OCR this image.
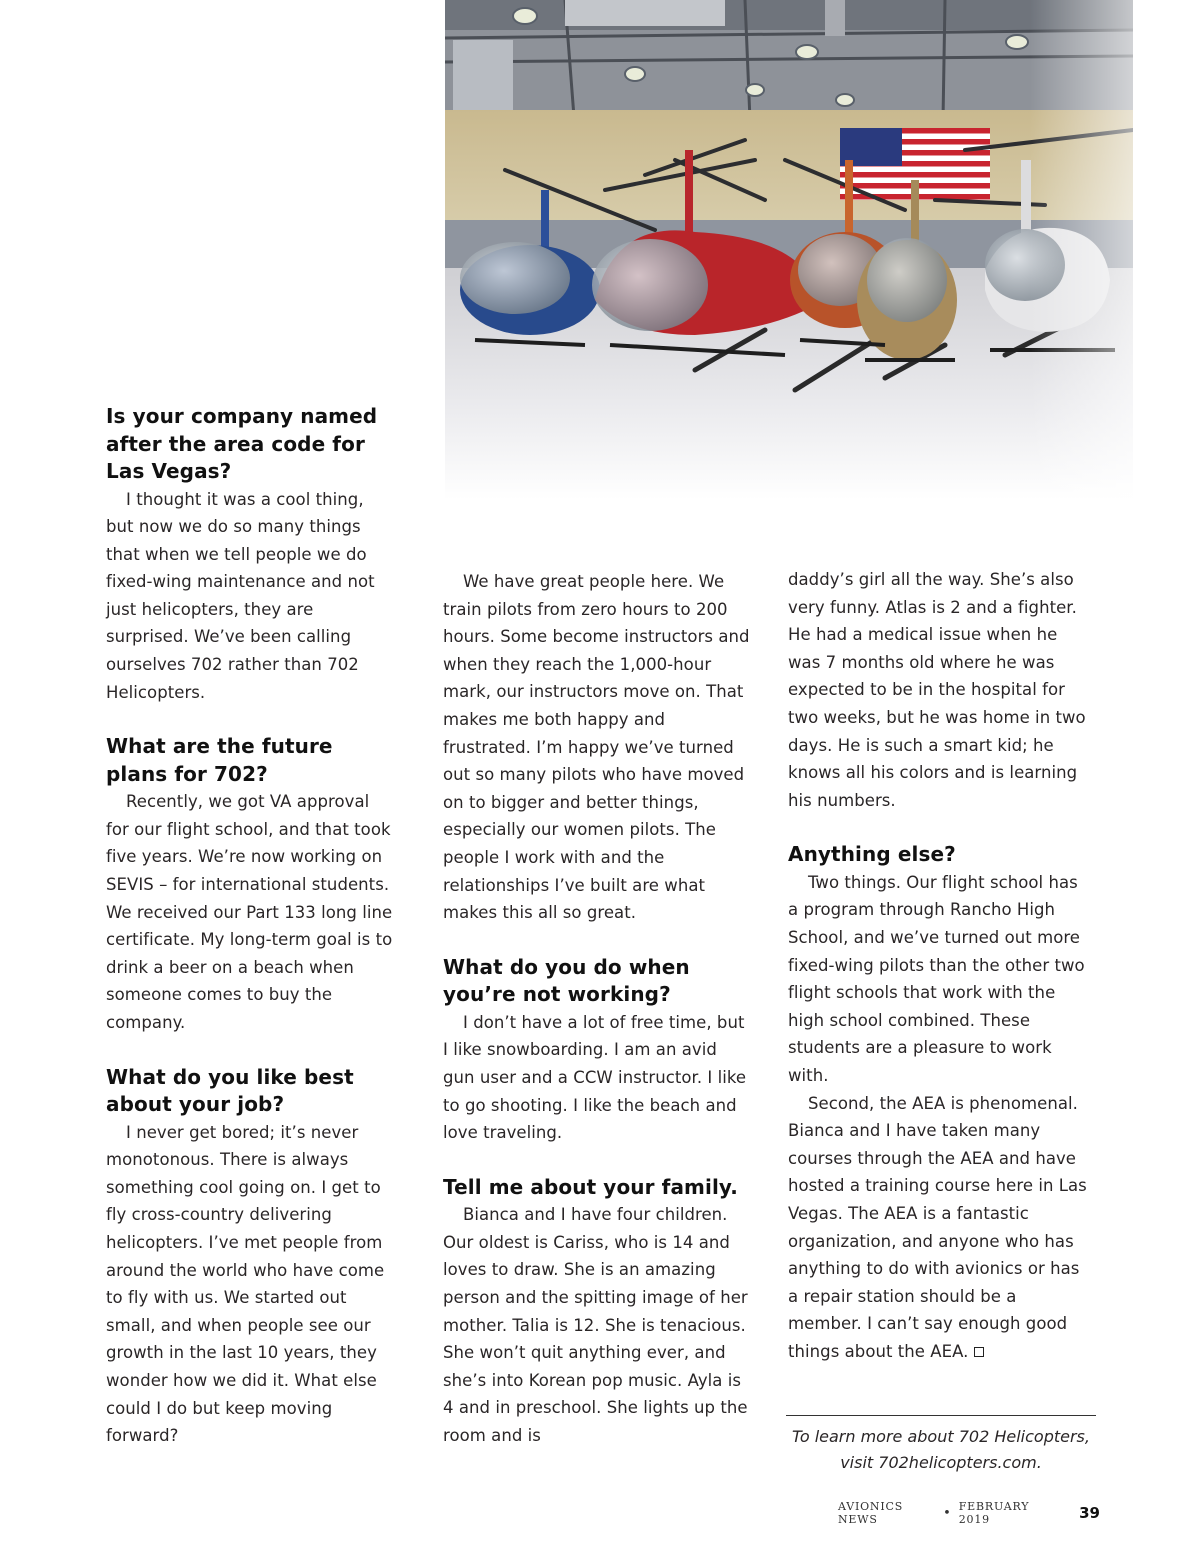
Is your company named after the area code for Las Vegas?

I thought it was a cool thing, but now we do so many things that when we tell people we do fixed-wing maintenance and not just helicopters, they are surprised. We’ve been calling ourselves 702 rather than 702 Helicopters.

What are the future plans for 702?

Recently, we got VA approval for our flight school, and that took five years. We’re now working on SEVIS – for international students. We received our Part 133 long line certificate. My long-term goal is to drink a beer on a beach when someone comes to buy the company.

What do you like best about your job?

I never get bored; it’s never monotonous. There is always something cool going on. I get to fly cross-country delivering helicopters. I’ve met people from around the world who have come to fly with us. We started out small, and when people see our growth in the last 10 years, they wonder how we did it. What else could I do but keep moving forward?

We have great people here. We train pilots from zero hours to 200 hours. Some become instructors and when they reach the 1,000-hour mark, our instructors move on. That makes me both happy and frustrated. I’m happy we’ve turned out so many pilots who have moved on to bigger and better things, especially our women pilots. The people I work with and the relationships I’ve built are what makes this all so great.

What do you do when you’re not working?

I don’t have a lot of free time, but I like snowboarding. I am an avid gun user and a CCW instructor. I like to go shooting. I like the beach and love traveling.

Tell me about your family.

Bianca and I have four children. Our oldest is Cariss, who is 14 and loves to draw. She is an amazing person and the spitting image of her mother. Talia is 12. She is tenacious. She won’t quit anything ever, and she’s into Korean pop music. Ayla is 4 and in preschool. She lights up the room and is

daddy’s girl all the way. She’s also very funny. Atlas is 2 and a fighter. He had a medical issue when he was 7 months old where he was expected to be in the hospital for two weeks, but he was home in two days. He is such a smart kid; he knows all his colors and is learning his numbers.

Anything else?

Two things. Our flight school has a program through Rancho High School, and we’ve turned out more fixed-wing pilots than the other two flight schools that work with the high school combined. These students are a pleasure to work with.

Second, the AEA is phenomenal. Bianca and I have taken many courses through the AEA and have hosted a training course here in Las Vegas. The AEA is a fantastic organization, and anyone who has anything to do with avionics or has a repair station should be a member. I can’t say enough good things about the AEA.

To learn more about 702 Helicopters,
visit 702helicopters.com.
AVIONICS NEWS	• FEBRUARY 2019	39
